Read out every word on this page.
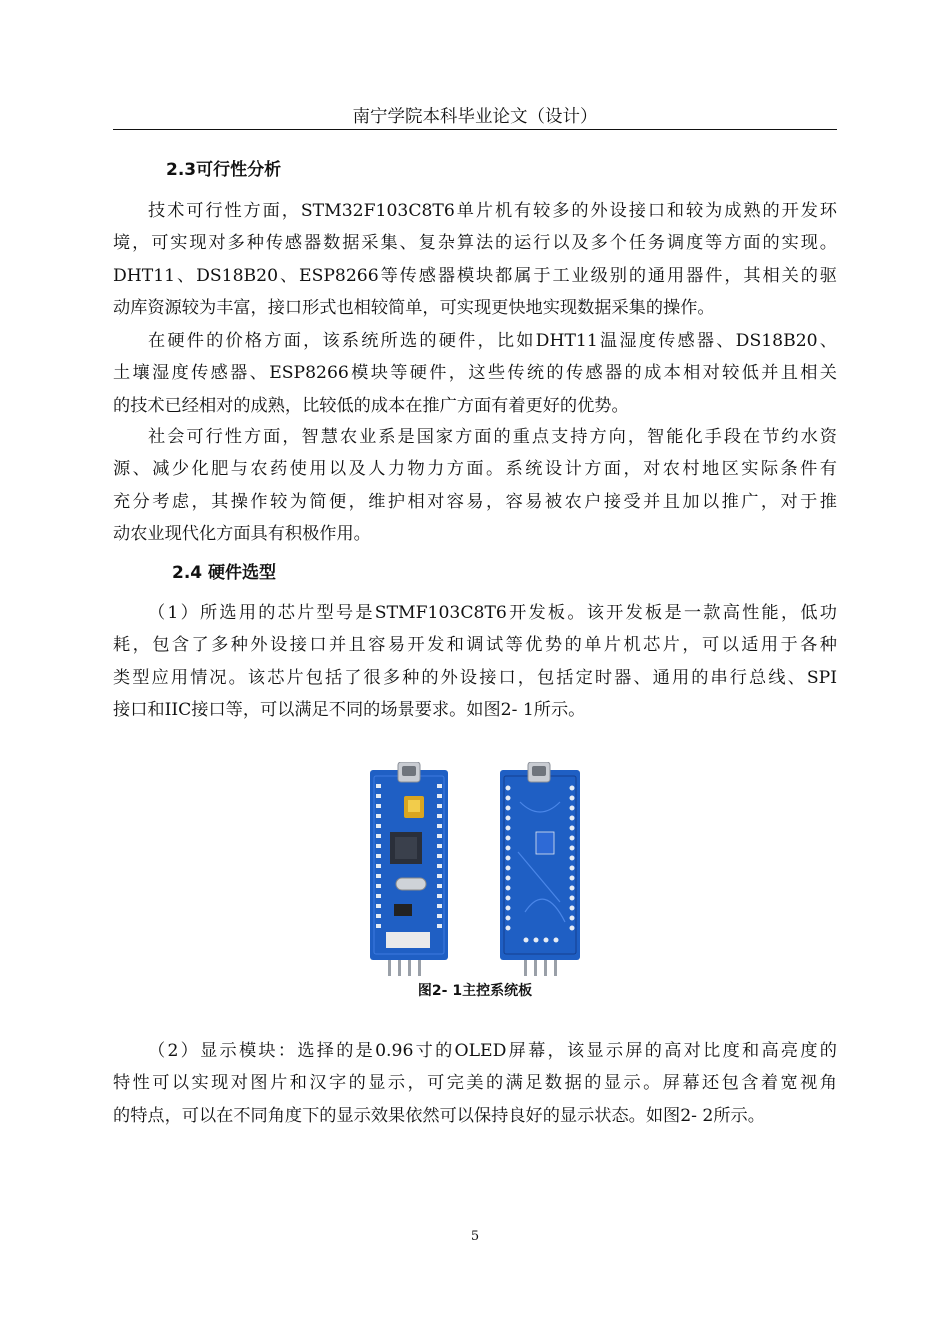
南宁学院本科毕业论文（设计）
2.3可行性分析

技术可行性方面，STM32F103C8T6单片机有较多的外设接口和较为成熟的开发环
境，可实现对多种传感器数据采集、复杂算法的运行以及多个任务调度等方面的实现。
DHT11、DS18B20、ESP8266等传感器模块都属于工业级别的通用器件，其相关的驱
动库资源较为丰富，接口形式也相较简单，可实现更快地实现数据采集的操作。

在硬件的价格方面，该系统所选的硬件，比如DHT11温湿度传感器、DS18B20、
土壤湿度传感器、ESP8266模块等硬件，这些传统的传感器的成本相对较低并且相关
的技术已经相对的成熟，比较低的成本在推广方面有着更好的优势。

社会可行性方面，智慧农业系是国家方面的重点支持方向，智能化手段在节约水资
源、减少化肥与农药使用以及人力物力方面。系统设计方面，对农村地区实际条件有
充分考虑，其操作较为简便，维护相对容易，容易被农户接受并且加以推广，对于推
动农业现代化方面具有积极作用。

2.4 硬件选型

（1）所选用的芯片型号是STMF103C8T6开发板。该开发板是一款高性能，低功
耗，包含了多种外设接口并且容易开发和调试等优势的单片机芯片，可以适用于各种
类型应用情况。该芯片包括了很多种的外设接口，包括定时器、通用的串行总线、SPI
接口和IIC接口等，可以满足不同的场景要求。如图2- 1所示。

图2- 1主控系统板

（2）显示模块：选择的是0.96寸的OLED屏幕，该显示屏的高对比度和高亮度的
特性可以实现对图片和汉字的显示，可完美的满足数据的显示。屏幕还包含着宽视角
的特点，可以在不同角度下的显示效果依然可以保持良好的显示状态。如图2- 2所示。

5
